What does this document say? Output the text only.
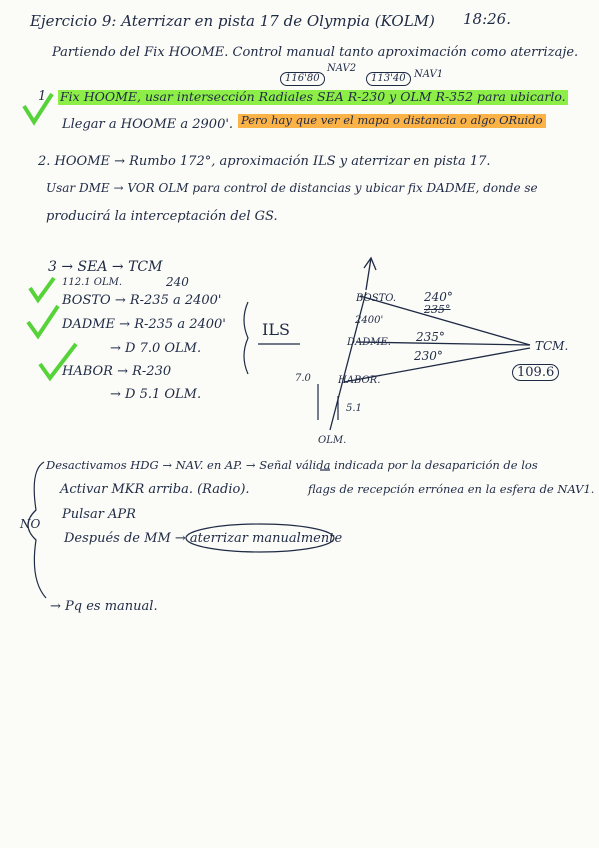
Ejercicio 9: Aterrizar en pista 17 de Olympia (KOLM) 18:26.
Partiendo del Fix HOOME. Control manual tanto aproximación como aterrizaje.
116'80
NAV2
113'40 NAV1
1. Fix HOOME, usar intersección Radiales SEA R-230 y OLM R-352 para ubicarlo.
Llegar a HOOME a 2900'. Pero hay que ver el mapa o distancia o algo ORuido
2. HOOME → Rumbo 172°, aproximación ILS y aterrizar en pista 17.
Usar DME → VOR OLM para control de distancias y ubicar fix DADME, donde se
producirá la interceptación del GS.
3 → SEA → TCM
112.1 OLM.	240
BOSTO → R-235 a 2400'
DADME → R-235 a 2400'
→ D 7.0 OLM.
HABOR → R-230
→ D 5.1 OLM.
ILS
BOSTO.
2400'
DADME.
HABOR.
7.0
5.1
OLM.
TCM.
109.6
240°
235°
235°
230°
Desactivamos HDG → NAV. en AP. → Señal válida indicada por la desaparición de los
flags de recepción errónea en la esfera de NAV1.
Activar MKR arriba. (Radio).
Pulsar APR
Después de MM → aterrizar manualmente
NO
→ Pq es manual.
